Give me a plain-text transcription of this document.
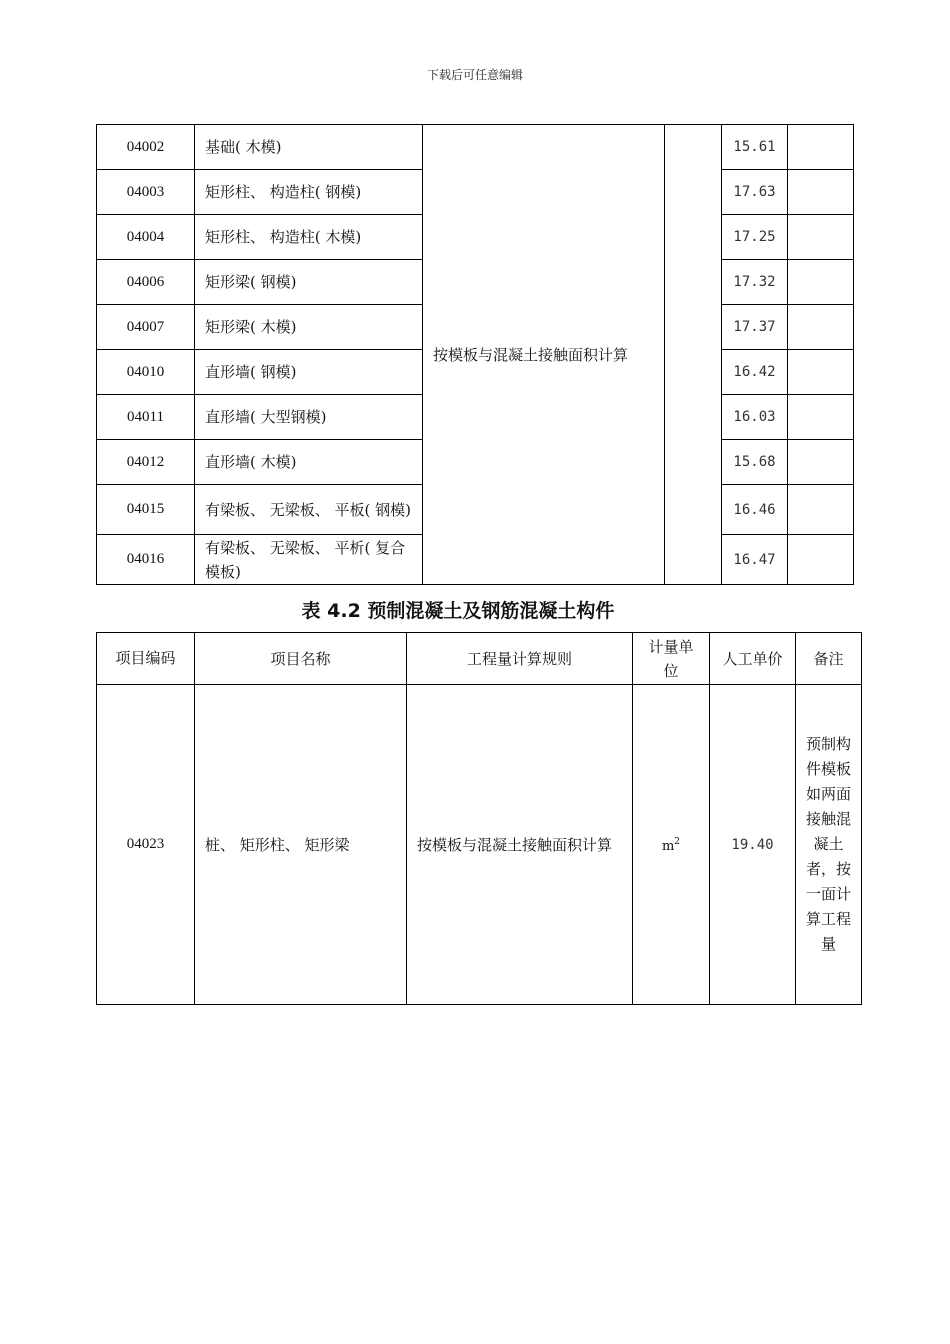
下载后可任意编辑
04002	基础( 木模)	按模板与混凝土接触面积计算		15.61	
04003	矩形柱、 构造柱( 钢模)			17.63	
04004	矩形柱、 构造柱( 木模)			17.25	
04006	矩形梁( 钢模)			17.32	
04007	矩形梁( 木模)			17.37	
04010	直形墙( 钢模)			16.42	
04011	直形墙( 大型钢模)			16.03	
04012	直形墙( 木模)			15.68	
04015	有梁板、 无梁板、 平板( 钢模)			16.46	
04016	有梁板、 无梁板、 平析( 复合模板)			16.47	
表 4.2 预制混凝土及钢筋混凝土构件
项目编码	项目名称	工程量计算规则	计量单位	人工单价	备注
04023	桩、 矩形柱、 矩形梁	按模板与混凝土接触面积计算	$m^2$	19.40	预制构件模板如两面接触混凝土者，按一面计算工程量
